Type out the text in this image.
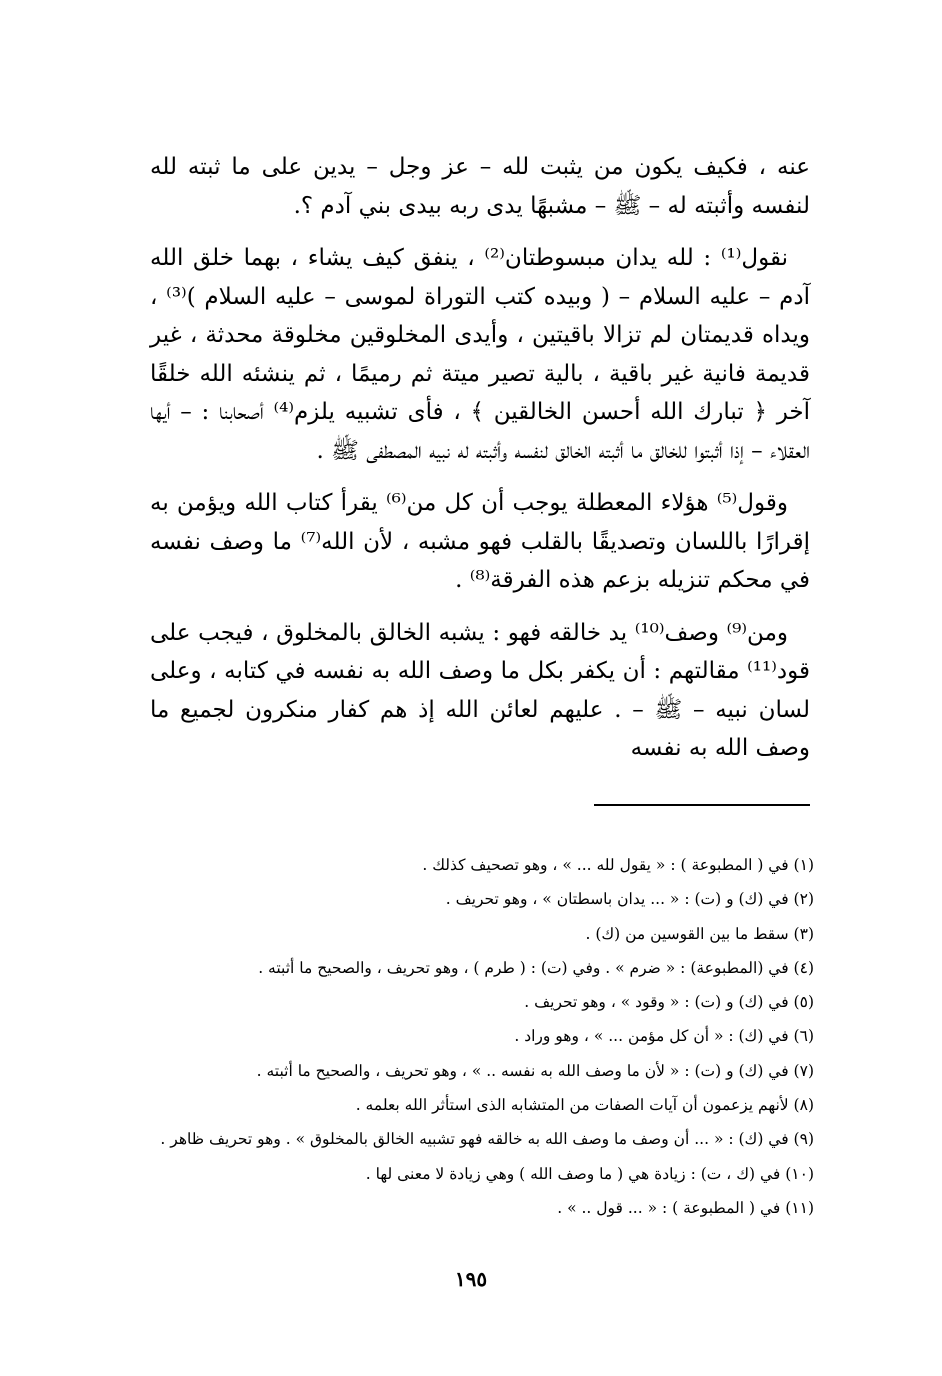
عنه ، فكيف يكون من يثبت لله – عز وجل – يدين على ما ثبته لله لنفسه وأثبته له – ﷺ – مشبهًا يدى ربه بيدى بني آدم ؟.

نقول⁽¹⁾ : لله يدان مبسوطتان⁽²⁾ ، ينفق كيف يشاء ، بهما خلق الله آدم – عليه السلام – ( وبيده كتب التوراة لموسى – عليه السلام )⁽³⁾ ، ويداه قديمتان لم تزالا باقيتين ، وأيدى المخلوقين مخلوقة محدثة ، غير قديمة فانية غير باقية ، بالية تصير ميتة ثم رميمًا ، ثم ينشئه الله خلقًا آخر ﴿ تبارك الله أحسن الخالقين ﴾ ، فأى تشبيه يلزم⁽⁴⁾ أصحابنا : – أيها العقلاء – إذا أثبتوا للخالق ما أثبته الخالق لنفسه وأثبته له نبيه المصطفى ﷺ .

وقول⁽⁵⁾ هؤلاء المعطلة يوجب أن كل من⁽⁶⁾ يقرأ كتاب الله ويؤمن به إقرارًا باللسان وتصديقًا بالقلب فهو مشبه ، لأن الله⁽⁷⁾ ما وصف نفسه في محكم تنزيله بزعم هذه الفرقة⁽⁸⁾ .

ومن⁽⁹⁾ وصف⁽¹⁰⁾ يد خالقه فهو : يشبه الخالق بالمخلوق ، فيجب على قود⁽¹¹⁾ مقالتهم : أن يكفر بكل ما وصف الله به نفسه في كتابه ، وعلى لسان نبيه – ﷺ – . عليهم لعائن الله إذ هم كفار منكرون لجميع ما وصف الله به نفسه

(١) في ( المطبوعة ) : « يقول لله ... » ، وهو تصحيف كذلك .
(٢) في (ك) و (ت) : « ... يدان باسطتان » ، وهو تحريف .
(٣) سقط ما بين القوسين من (ك) .
(٤) في (المطبوعة) : « ضرم » . وفي (ت) : ( طرم ) ، وهو تحريف ، والصحيح ما أثبته .
(٥) في (ك) و (ت) : « وقود » ، وهو تحريف .
(٦) في (ك) : « أن كل مؤمن ... » ، وهو وراد .
(٧) في (ك) و (ت) : « لأن ما وصف الله به نفسه .. » ، وهو تحريف ، والصحيح ما أثبته .
(٨) لأنهم يزعمون أن آيات الصفات من المتشابه الذى استأثر الله بعلمه .
(٩) في (ك) : « ... أن وصف ما وصف الله به خالقه فهو تشبيه الخالق بالمخلوق » . وهو تحريف ظاهر .
(١٠) في (ك ، ت) : زيادة هي ( ما وصف الله ) وهي زيادة لا معنى لها .
(١١) في ( المطبوعة ) : « ... قول .. » .
١٩٥
